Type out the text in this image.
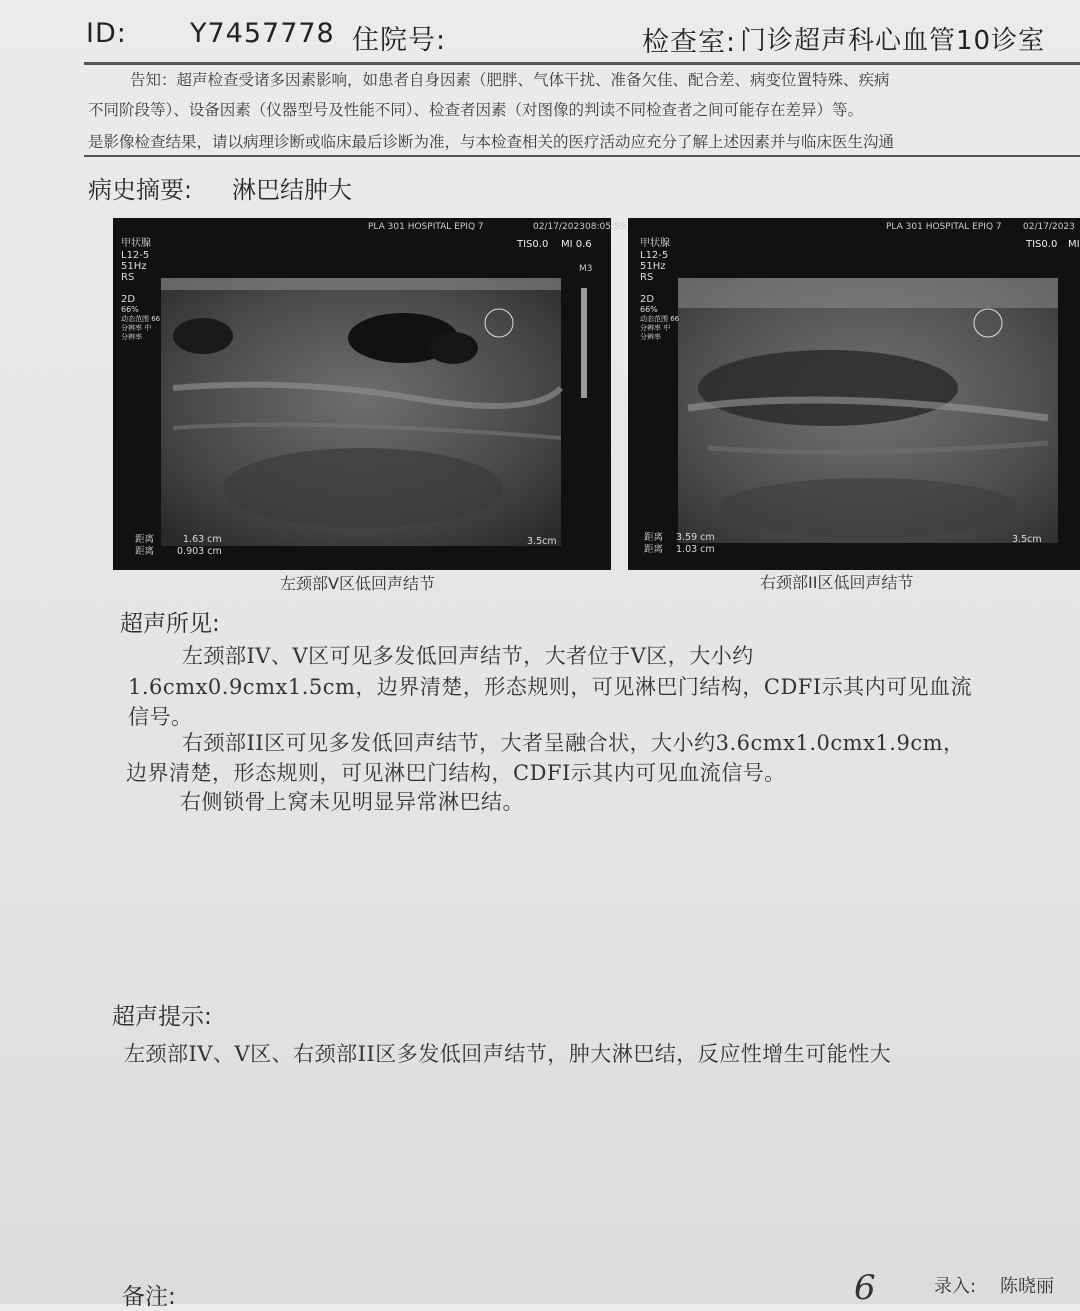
ID: Y7457778 住院号:	检查室: 门诊超声科心血管10诊室
告知：超声检查受诸多因素影响，如患者自身因素（肥胖、气体干扰、准备欠佳、配合差、病变位置特殊、疾病
不同阶段等）、设备因素（仪器型号及性能不同）、检查者因素（对图像的判读不同检查者之间可能存在差异）等。
是影像检查结果，请以病理诊断或临床最后诊断为准，与本检查相关的医疗活动应充分了解上述因素并与临床医生沟通
病史摘要: 淋巴结肿大
PLA 301 HOSPITAL EPIQ 7	02/17/2023 08:05:59
TIS0.0 MI 0.6
M3
甲状腺
L12-5
51Hz
RS
2D
66%
动态范围 66
分辨率 中
分辨率
距离	1.63 cm
距离 0.903 cm
3.5cm
左颈部V区低回声结节
PLA 301 HOSPITAL EPIQ 7 02/17/2023
TIS0.0 MI
甲状腺
L12-5
51Hz
RS
2D
66%
动态范围 66
分辨率 中
分辨率
距离 3.59 cm
距离 1.03 cm
3.5cm
右颈部II区低回声结节
超声所见:
左颈部IV、V区可见多发低回声结节，大者位于V区，大小约
1.6cmx0.9cmx1.5cm，边界清楚，形态规则，可见淋巴门结构，CDFI示其内可见血流
信号。
右颈部II区可见多发低回声结节，大者呈融合状，大小约3.6cmx1.0cmx1.9cm，
边界清楚，形态规则，可见淋巴门结构，CDFI示其内可见血流信号。
右侧锁骨上窝未见明显异常淋巴结。
超声提示:
左颈部IV、V区、右颈部II区多发低回声结节，肿大淋巴结，反应性增生可能性大
备注:	6	录入: 陈晓丽
